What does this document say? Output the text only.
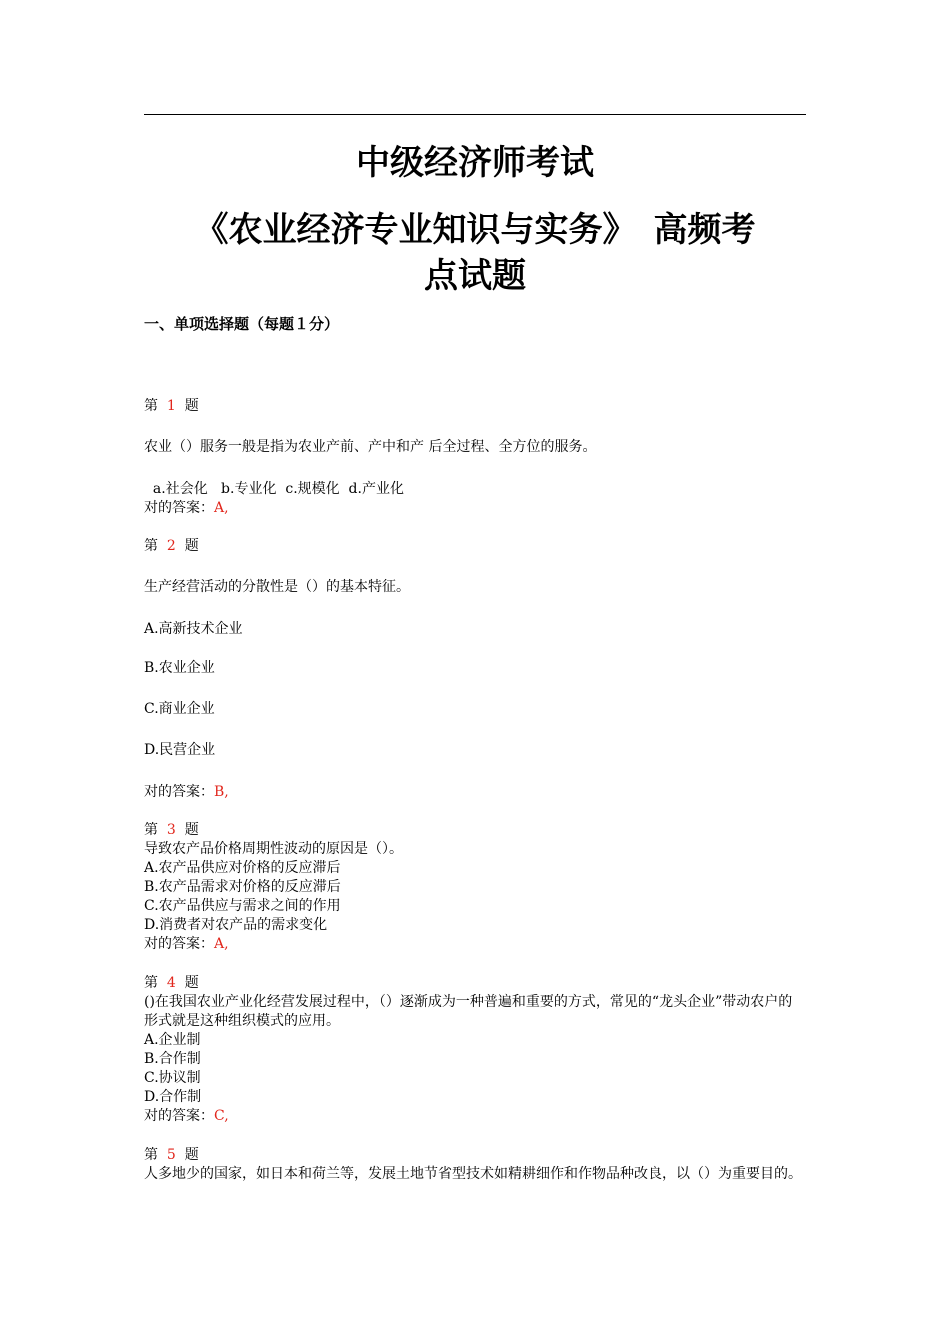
中级经济师考试
《农业经济专业知识与实务》　高频考
点试题
一、单项选择题（每题１分）
第 1 题
农业（）服务一般是指为农业产前、产中和产 后全过程、全方位的服务。
a.社会化   b.专业化  c.规模化  d.产业化
对的答案：A,
第 2 题
生产经营活动的分散性是（）的基本特征。
A.高新技术企业
B.农业企业
C.商业企业
D.民营企业
对的答案：B,
第 3 题
导致农产品价格周期性波动的原因是（）。
A.农产品供应对价格的反应滞后
B.农产品需求对价格的反应滞后
C.农产品供应与需求之间的作用
D.消费者对农产品的需求变化
对的答案：A,
第 4 题
()在我国农业产业化经营发展过程中，（）逐渐成为一种普遍和重要的方式，常见的“龙头企业”带动农户的形式就是这种组织模式的应用。
A.企业制
B.合作制
C.协议制
D.合作制
对的答案：C,
第 5 题
人多地少的国家，如日本和荷兰等，发展土地节省型技术如精耕细作和作物品种改良，以（）为重要目的。
